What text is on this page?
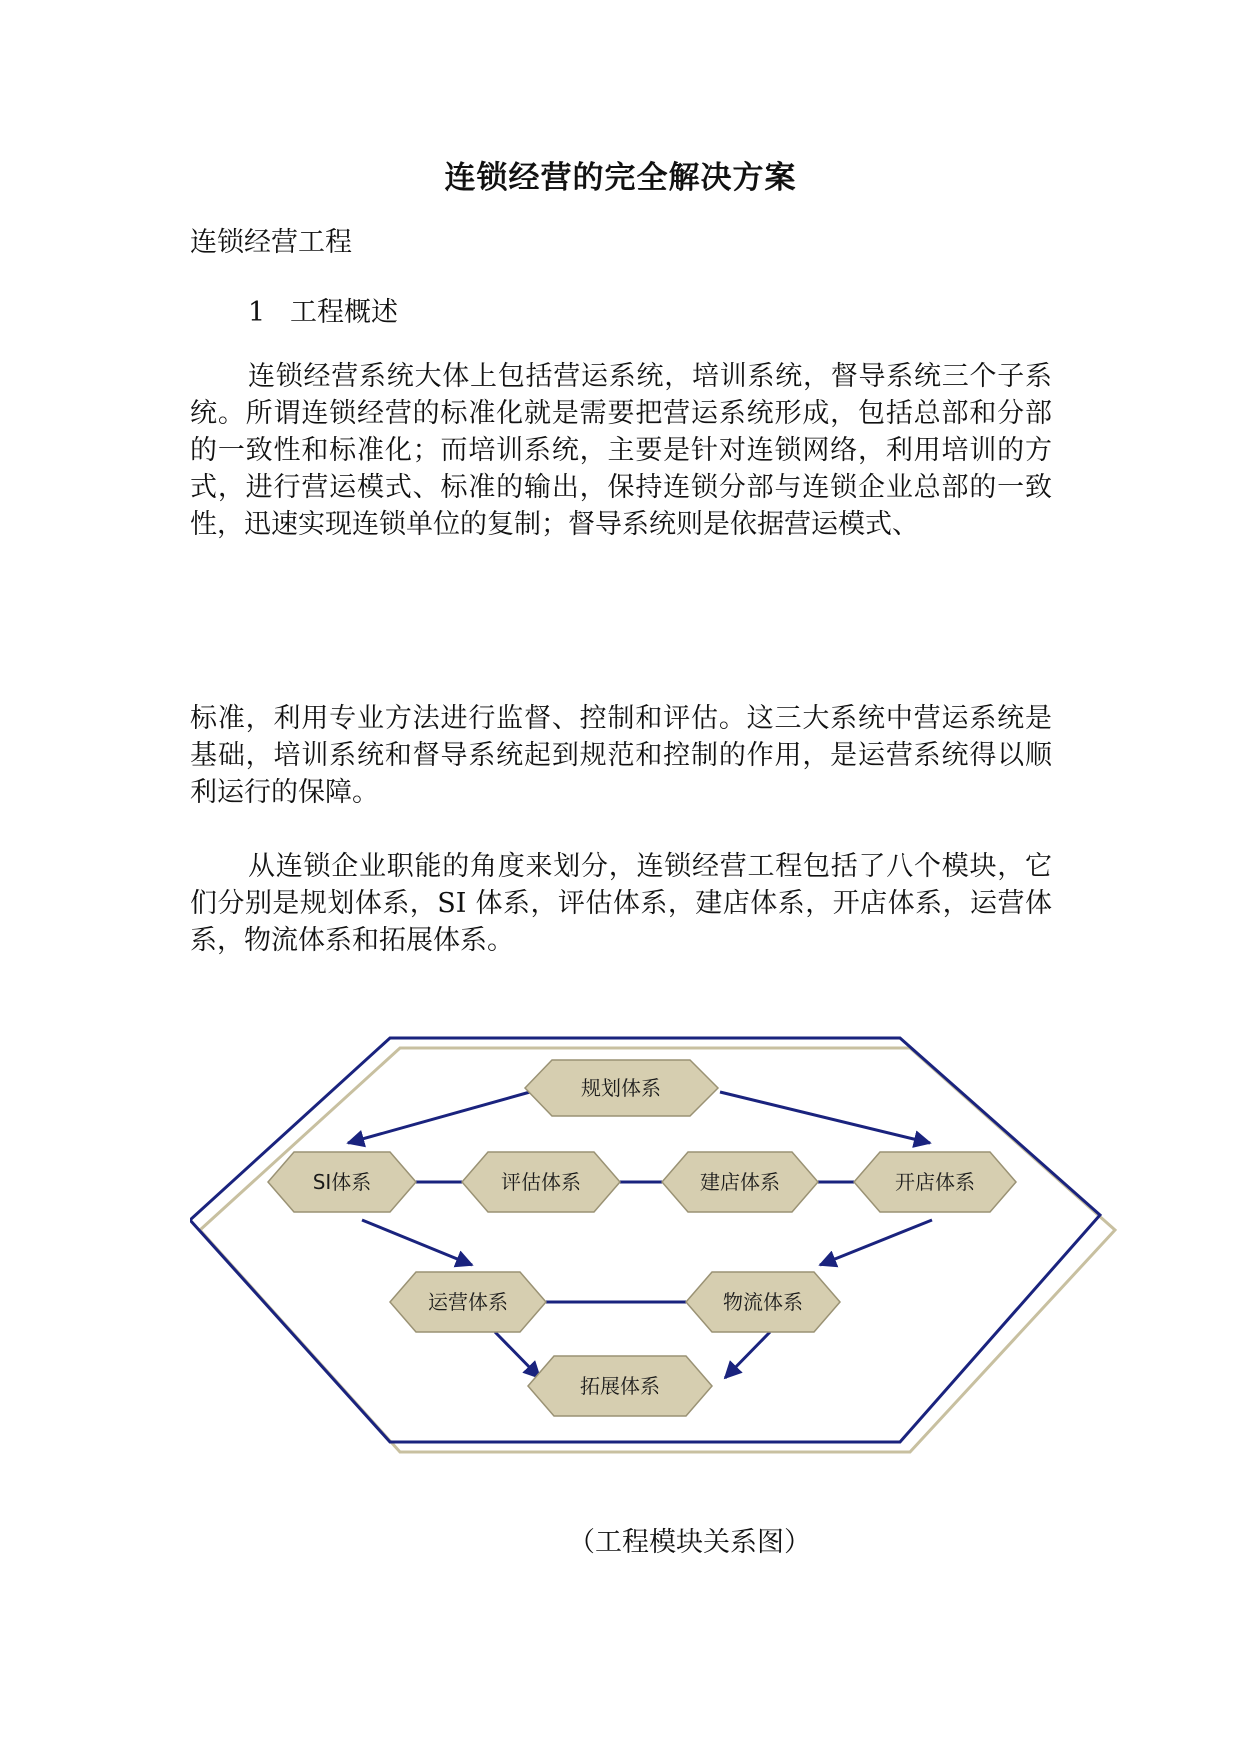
连锁经营的完全解决方案
连锁经营工程
1 工程概述
连锁经营系统大体上包括营运系统，培训系统，督导系统三个子系统。所谓连锁经营的标准化就是需要把营运系统形成，包括总部和分部的一致性和标准化；而培训系统，主要是针对连锁网络，利用培训的方式，进行营运模式、标准的输出，保持连锁分部与连锁企业总部的一致性，迅速实现连锁单位的复制；督导系统则是依据营运模式、
标准，利用专业方法进行监督、控制和评估。这三大系统中营运系统是基础，培训系统和督导系统起到规范和控制的作用，是运营系统得以顺利运行的保障。
从连锁企业职能的角度来划分，连锁经营工程包括了八个模块，它们分别是规划体系，SI 体系，评估体系，建店体系，开店体系，运营体系，物流体系和拓展体系。
规划体系
SI体系	评估体系	建店体系	开店体系
运营体系	物流体系
拓展体系
（工程模块关系图）
